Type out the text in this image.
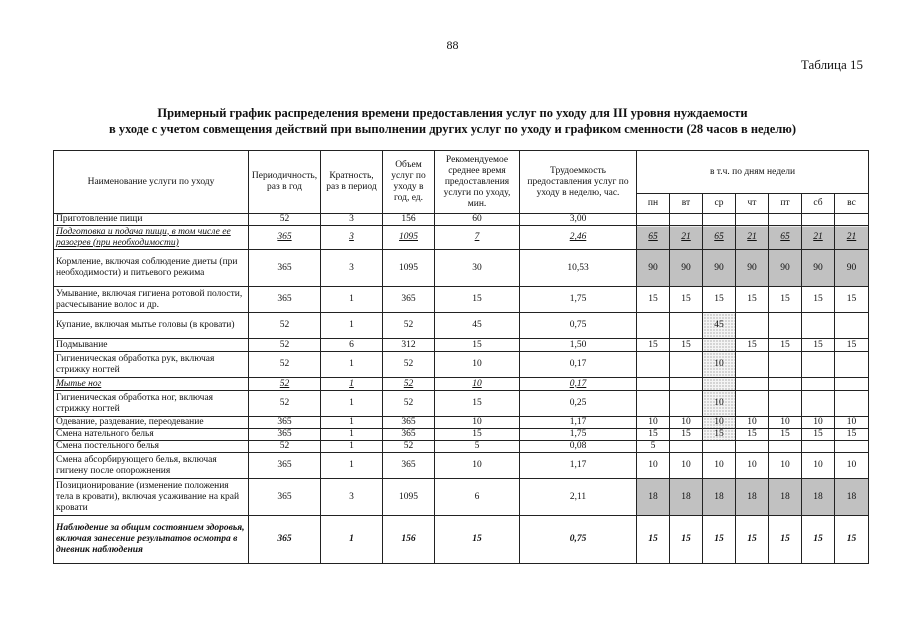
88
Таблица 15
Примерный график распределения времени предоставления услуг по уходу для III уровня нуждаемости
в уходе с учетом совмещения действий при выполнении других услуг по уходу и графиком сменности (28 часов в неделю)
Наименование услуги по уходу	Периодичность, раз в год	Кратность, раз в период	Объем услуг по уходу в год, ед.	Рекомендуемое среднее время предоставления услуги по уходу, мин.	Трудоемкость предоставления услуг по уходу в неделю, час.	в т.ч. по дням недели						
						пн	вт	ср	чт	пт	сб	вс
Приготовление пищи	52	3	156	60	3,00							
Подготовка и подача пищи, в том числе ее разогрев (при необходимости)	365	3	1095	7	2,46	65	21	65	21	65	21	21
Кормление, включая соблюдение диеты (при необходимости) и питьевого режима	365	3	1095	30	10,53	90	90	90	90	90	90	90
Умывание, включая гигиена ротовой полости, расчесывание волос и др.	365	1	365	15	1,75	15	15	15	15	15	15	15
Купание, включая мытье головы (в кровати)	52	1	52	45	0,75			45				
Подмывание	52	6	312	15	1,50	15	15		15	15	15	15
Гигиеническая обработка рук, включая стрижку ногтей	52	1	52	10	0,17			10				
Мытье ног	52	1	52	10	0,17							
Гигиеническая обработка ног, включая стрижку ногтей	52	1	52	15	0,25			10				
Одевание, раздевание, переодевание	365	1	365	10	1,17	10	10	10	10	10	10	10
Смена нательного белья	365	1	365	15	1,75	15	15	15	15	15	15	15
Смена постельного белья	52	1	52	5	0,08	5						
Смена абсорбирующего белья, включая гигиену после опорожнения	365	1	365	10	1,17	10	10	10	10	10	10	10
Позиционирование (изменение положения тела в кровати), включая усаживание на край кровати	365	3	1095	6	2,11	18	18	18	18	18	18	18
Наблюдение за общим состоянием здоровья, включая занесение результатов осмотра в дневник наблюдения	365	1	156	15	0,75	15	15	15	15	15	15	15
